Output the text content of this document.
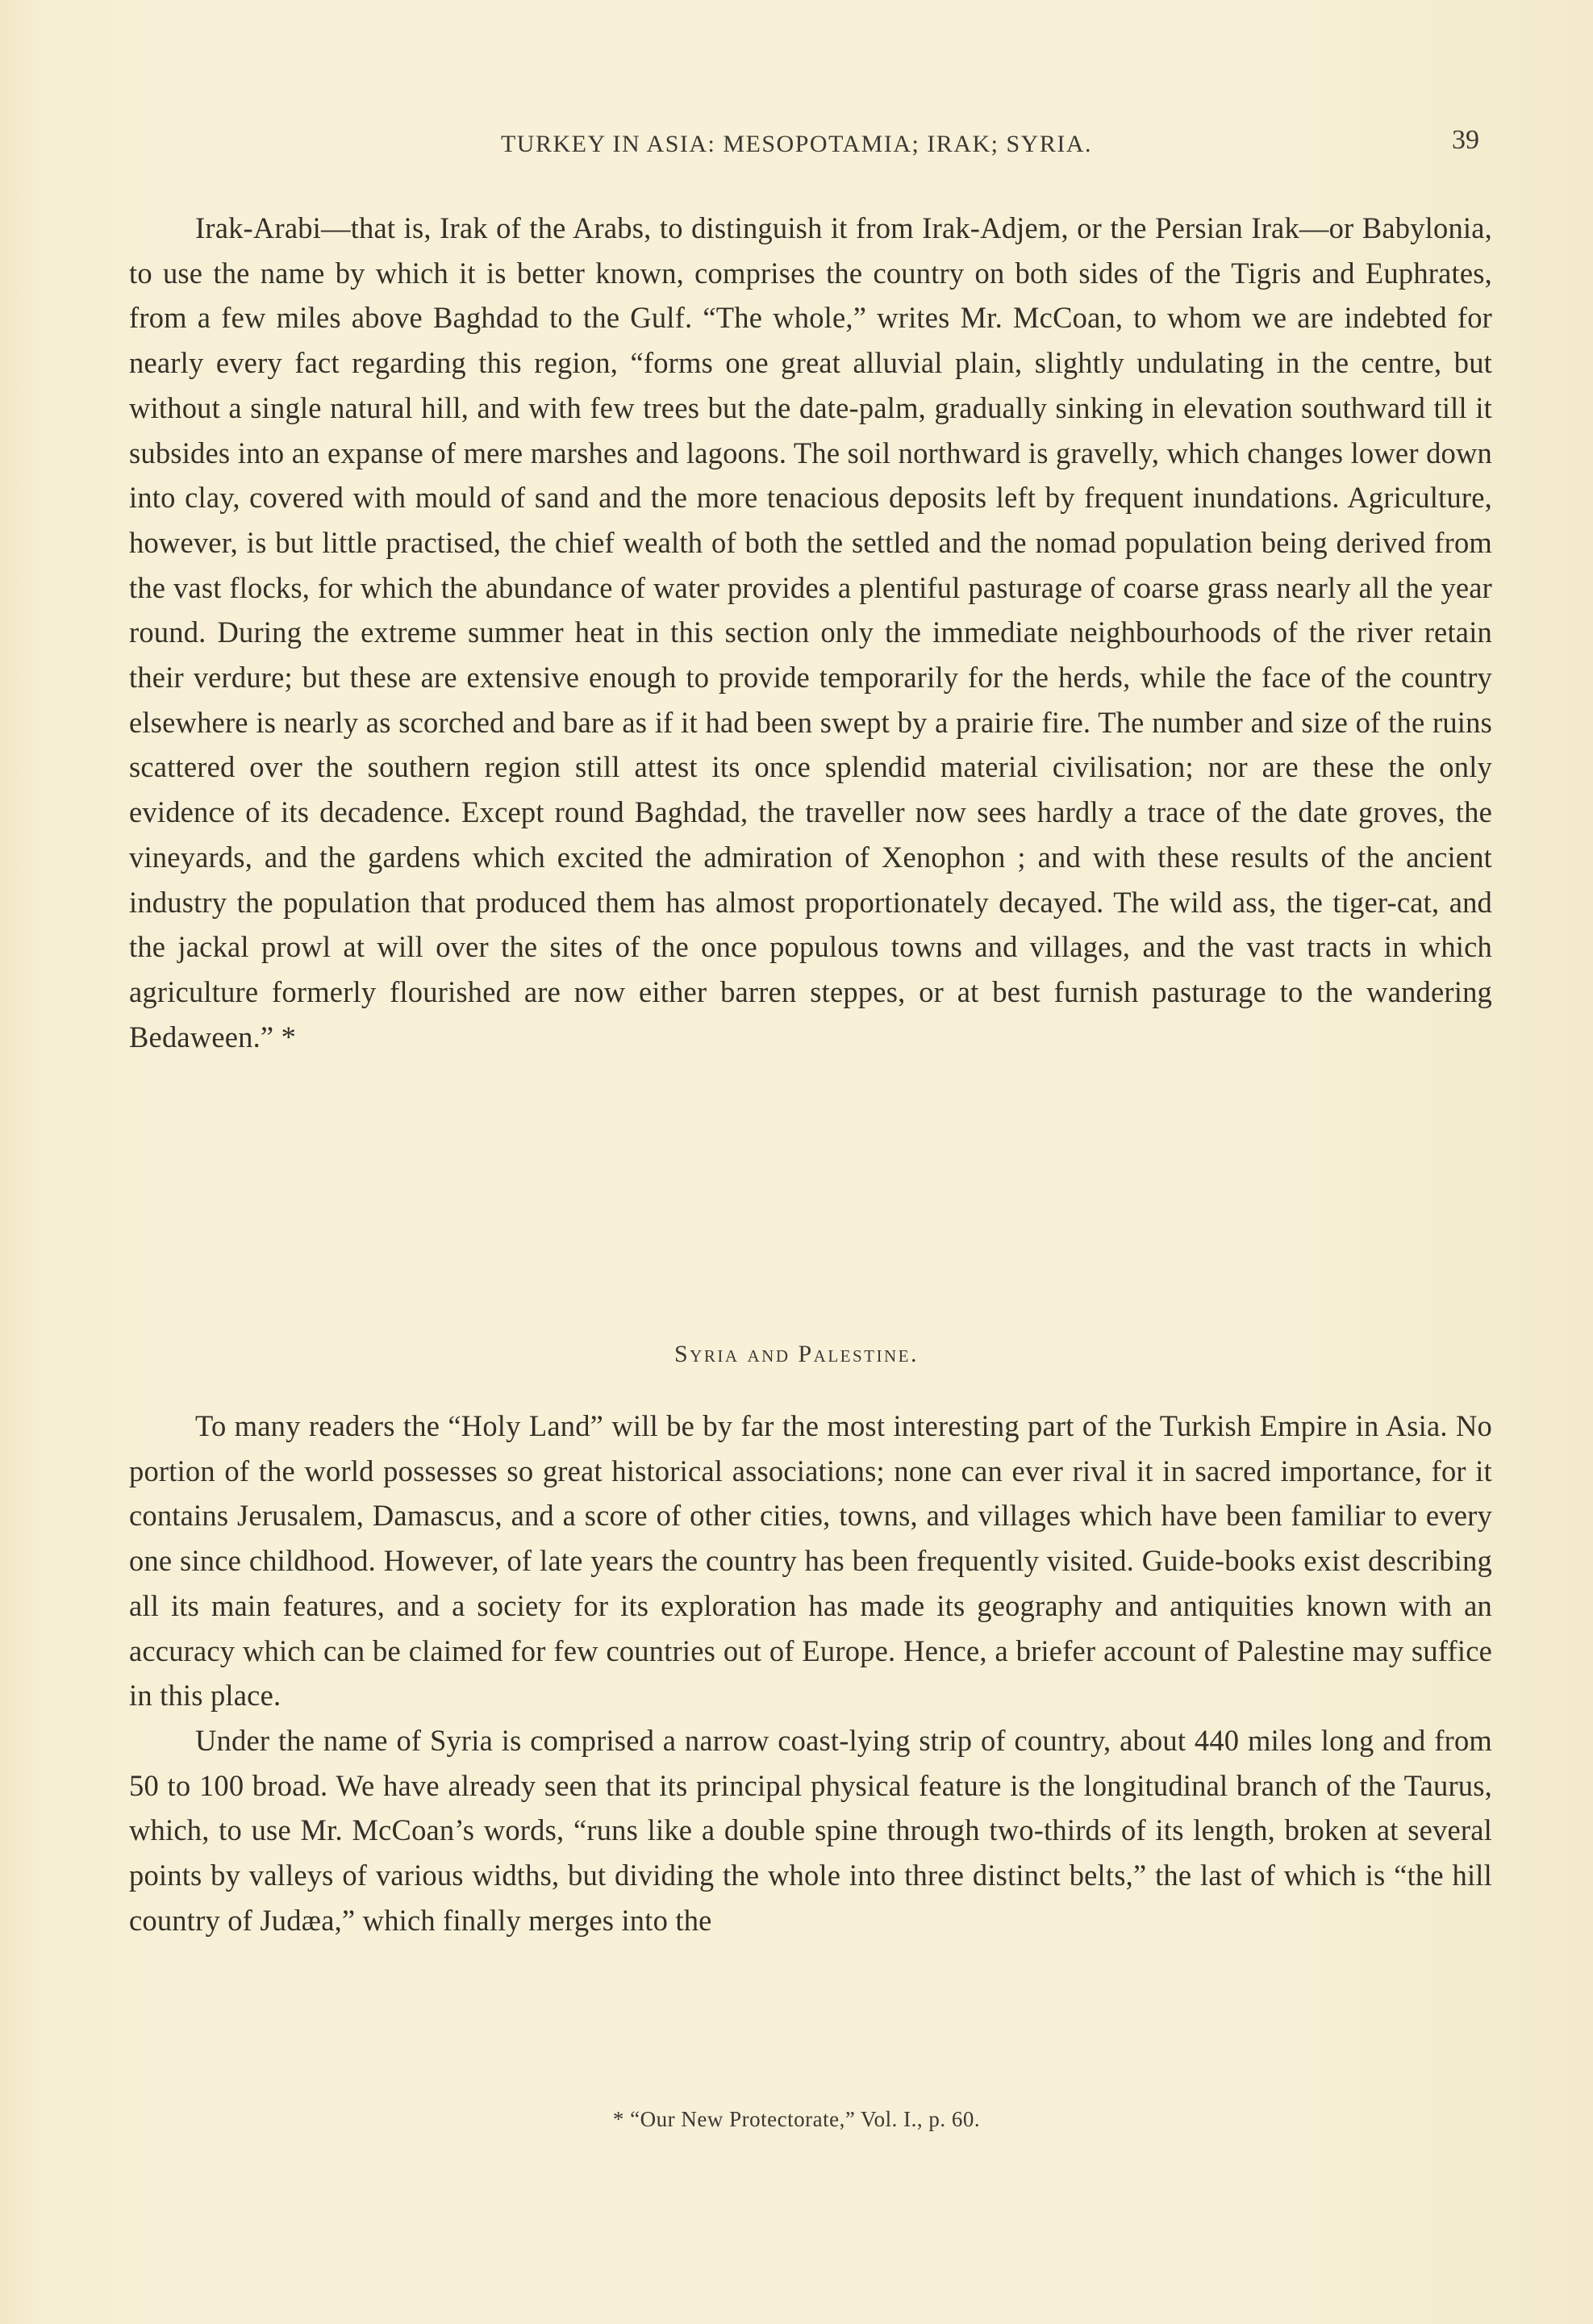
TURKEY IN ASIA: MESOPOTAMIA; IRAK; SYRIA.	39

Irak-Arabi—that is, Irak of the Arabs, to distinguish it from Irak-Adjem, or the Persian Irak—or Babylonia, to use the name by which it is better known, comprises the country on both sides of the Tigris and Euphrates, from a few miles above Baghdad to the Gulf. “The whole,” writes Mr. McCoan, to whom we are indebted for nearly every fact regarding this region, “forms one great alluvial plain, slightly undulating in the centre, but without a single natural hill, and with few trees but the date-palm, gradually sinking in elevation southward till it subsides into an expanse of mere marshes and lagoons. The soil northward is gravelly, which changes lower down into clay, covered with mould of sand and the more tenacious deposits left by frequent inundations. Agriculture, however, is but little practised, the chief wealth of both the settled and the nomad population being derived from the vast flocks, for which the abundance of water provides a plentiful pasturage of coarse grass nearly all the year round. During the extreme summer heat in this section only the immediate neighbourhoods of the river retain their verdure; but these are extensive enough to provide temporarily for the herds, while the face of the country elsewhere is nearly as scorched and bare as if it had been swept by a prairie fire. The number and size of the ruins scattered over the southern region still attest its once splendid material civilisation; nor are these the only evidence of its decadence. Except round Baghdad, the traveller now sees hardly a trace of the date groves, the vineyards, and the gardens which excited the admiration of Xenophon ; and with these results of the ancient industry the population that produced them has almost proportionately decayed. The wild ass, the tiger-cat, and the jackal prowl at will over the sites of the once populous towns and villages, and the vast tracts in which agriculture formerly flourished are now either barren steppes, or at best furnish pasturage to the wandering Bedaween.” *

Syria and Palestine.

To many readers the “Holy Land” will be by far the most interesting part of the Turkish Empire in Asia. No portion of the world possesses so great historical associations; none can ever rival it in sacred importance, for it contains Jerusalem, Damascus, and a score of other cities, towns, and villages which have been familiar to every one since childhood. However, of late years the country has been frequently visited. Guide-books exist describing all its main features, and a society for its exploration has made its geography and antiquities known with an accuracy which can be claimed for few countries out of Europe. Hence, a briefer account of Palestine may suffice in this place.

Under the name of Syria is comprised a narrow coast-lying strip of country, about 440 miles long and from 50 to 100 broad. We have already seen that its principal physical feature is the longitudinal branch of the Taurus, which, to use Mr. McCoan’s words, “runs like a double spine through two-thirds of its length, broken at several points by valleys of various widths, but dividing the whole into three distinct belts,” the last of which is “the hill country of Judæa,” which finally merges into the

* “Our New Protectorate,” Vol. I., p. 60.
